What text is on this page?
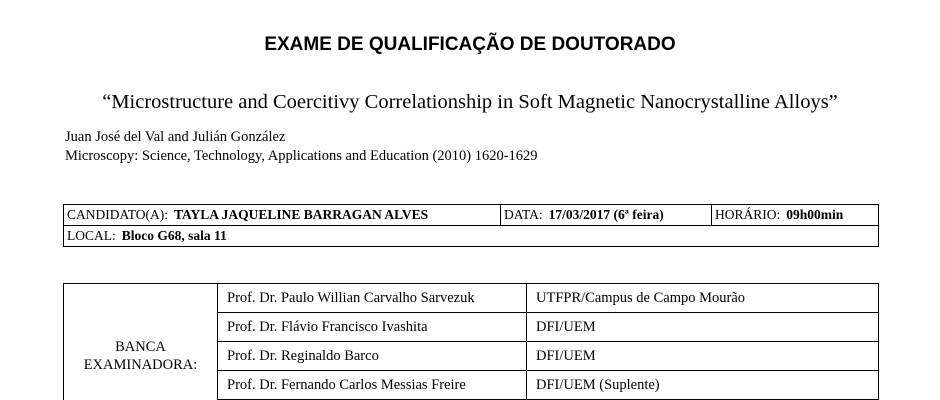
EXAME DE QUALIFICAÇÃO DE DOUTORADO
“Microstructure and Coercitivy Correlationship in Soft Magnetic Nanocrystalline Alloys”
Juan José del Val and Julián González
Microscopy: Science, Technology, Applications and Education (2010) 1620-1629
CANDIDATO(A): TAYLA JAQUELINE BARRAGAN ALVES	DATA: 17/03/2017 (6ª feira)	HORÁRIO: 09h00min
LOCAL: Bloco G68, sala 11
BANCA
EXAMINADORA:	Prof. Dr. Paulo Willian Carvalho Sarvezuk	UTFPR/Campus de Campo Mourão
	Prof. Dr. Flávio Francisco Ivashita	DFI/UEM
	Prof. Dr. Reginaldo Barco	DFI/UEM
	Prof. Dr. Fernando Carlos Messias Freire	DFI/UEM (Suplente)
